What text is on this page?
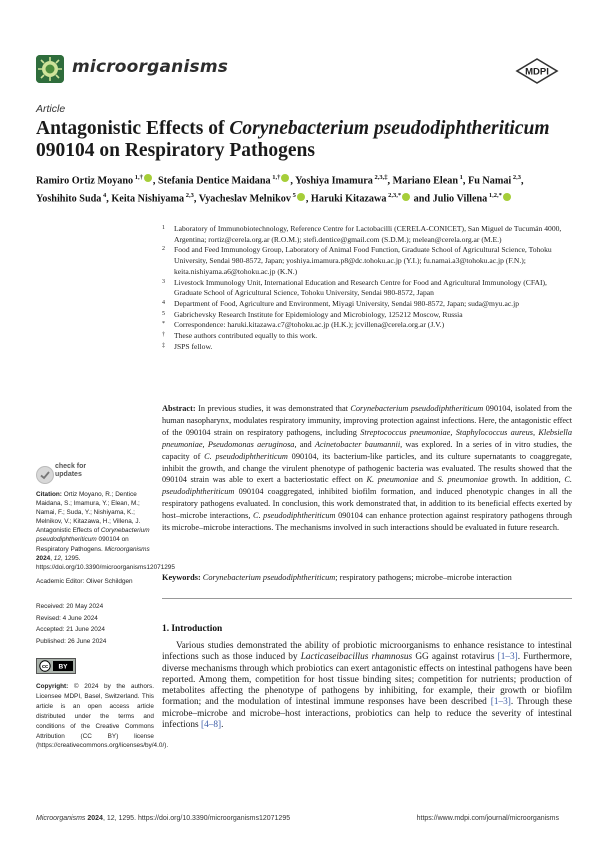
microorganisms	MDPI
Article
Antagonistic Effects of Corynebacterium pseudodiphtheriticum 090104 on Respiratory Pathogens
Ramiro Ortiz Moyano $^{1,\dagger}$ , Stefania Dentice Maidana $^{1,\dagger}$ , Yoshiya Imamura $^{2,3,\ddagger}$, Mariano Elean $^1$, Fu Namai $^{2,3}$, Yoshihito Suda $^4$, Keita Nishiyama $^{2,3}$, Vyacheslav Melnikov $^5$ , Haruki Kitazawa $^{2,3,*}$ and Julio Villena $^{1,2,*}$
1 Laboratory of Immunobiotechnology, Reference Centre for Lactobacilli (CERELA-CONICET), San Miguel de Tucumán 4000, Argentina; rortiz@cerela.org.ar (R.O.M.); stefi.dentice@gmail.com (S.D.M.); melean@cerela.org.ar (M.E.)
2 Food and Feed Immunology Group, Laboratory of Animal Food Function, Graduate School of Agricultural Science, Tohoku University, Sendai 980-8572, Japan; yoshiya.imamura.p8@dc.tohoku.ac.jp (Y.I.); fu.namai.a3@tohoku.ac.jp (F.N.); keita.nishiyama.a6@tohoku.ac.jp (K.N.)
3 Livestock Immunology Unit, International Education and Research Centre for Food and Agricultural Immunology (CFAI), Graduate School of Agricultural Science, Tohoku University, Sendai 980-8572, Japan
4 Department of Food, Agriculture and Environment, Miyagi University, Sendai 980-8572, Japan; suda@myu.ac.jp
5 Gabrichevsky Research Institute for Epidemiology and Microbiology, 125212 Moscow, Russia
* Correspondence: haruki.kitazawa.c7@tohoku.ac.jp (H.K.); jcvillena@cerela.org.ar (J.V.)
† These authors contributed equally to this work.
‡ JSPS fellow.

Abstract: In previous studies, it was demonstrated that Corynebacterium pseudodiphtheriticum 090104, isolated from the human nasopharynx, modulates respiratory immunity, improving protection against infections. Here, the antagonistic effect of the 090104 strain on respiratory pathogens, including Streptococcus pneumoniae, Staphylococcus aureus, Klebsiella pneumoniae, Pseudomonas aeruginosa, and Acinetobacter baumannii, was explored. In a series of in vitro studies, the capacity of C. pseudodiphtheriticum 090104, its bacterium-like particles, and its culture supernatants to coaggregate, inhibit the growth, and change the virulent phenotype of pathogenic bacteria was evaluated. The results showed that the 090104 strain was able to exert a bacteriostatic effect on K. pneumoniae and S. pneumoniae growth. In addition, C. pseudodiphtheriticum 090104 coaggregated, inhibited biofilm formation, and induced phenotypic changes in all the respiratory pathogens evaluated. In conclusion, this work demonstrated that, in addition to its beneficial effects exerted by host–microbe interactions, C. pseudodiphtheriticum 090104 can enhance protection against respiratory pathogens through its microbe–microbe interactions. The mechanisms involved in such interactions should be evaluated in future research.

Keywords: Corynebacterium pseudodiphtheriticum; respiratory pathogens; microbe–microbe interaction

check for
updates
Citation: Ortiz Moyano, R.; Dentice Maidana, S.; Imamura, Y.; Elean, M.; Namai, F.; Suda, Y.; Nishiyama, K.; Melnikov, V.; Kitazawa, H.; Villena, J. Antagonistic Effects of Corynebacterium pseudodiphtheriticum 090104 on Respiratory Pathogens. Microorganisms 2024, 12, 1295. https://doi.org/10.3390/microorganisms12071295
Academic Editor: Oliver Schildgen
Received: 20 May 2024
Revised: 4 June 2024
Accepted: 21 June 2024
Published: 26 June 2024
cc BY
Copyright: © 2024 by the authors. Licensee MDPI, Basel, Switzerland. This article is an open access article distributed under the terms and conditions of the Creative Commons Attribution (CC BY) license (https://creativecommons.org/licenses/by/4.0/).
1. Introduction

Various studies demonstrated the ability of probiotic microorganisms to enhance resistance to intestinal infections such as those induced by Lacticaseibacillus rhamnosus GG against rotavirus [1–3]. Furthermore, diverse mechanisms through which probiotics can exert antagonistic effects on intestinal pathogens have been reported. Among them, competition for host tissue binding sites; competition for nutrients; production of metabolites affecting the phenotype of pathogens by inhibiting, for example, their growth or biofilm formation; and the modulation of intestinal immune responses have been described [1–3]. Through these microbe–microbe and microbe–host interactions, probiotics can help to reduce the severity of intestinal infections [4–8].

Microorganisms 2024, 12, 1295. https://doi.org/10.3390/microorganisms12071295	https://www.mdpi.com/journal/microorganisms
